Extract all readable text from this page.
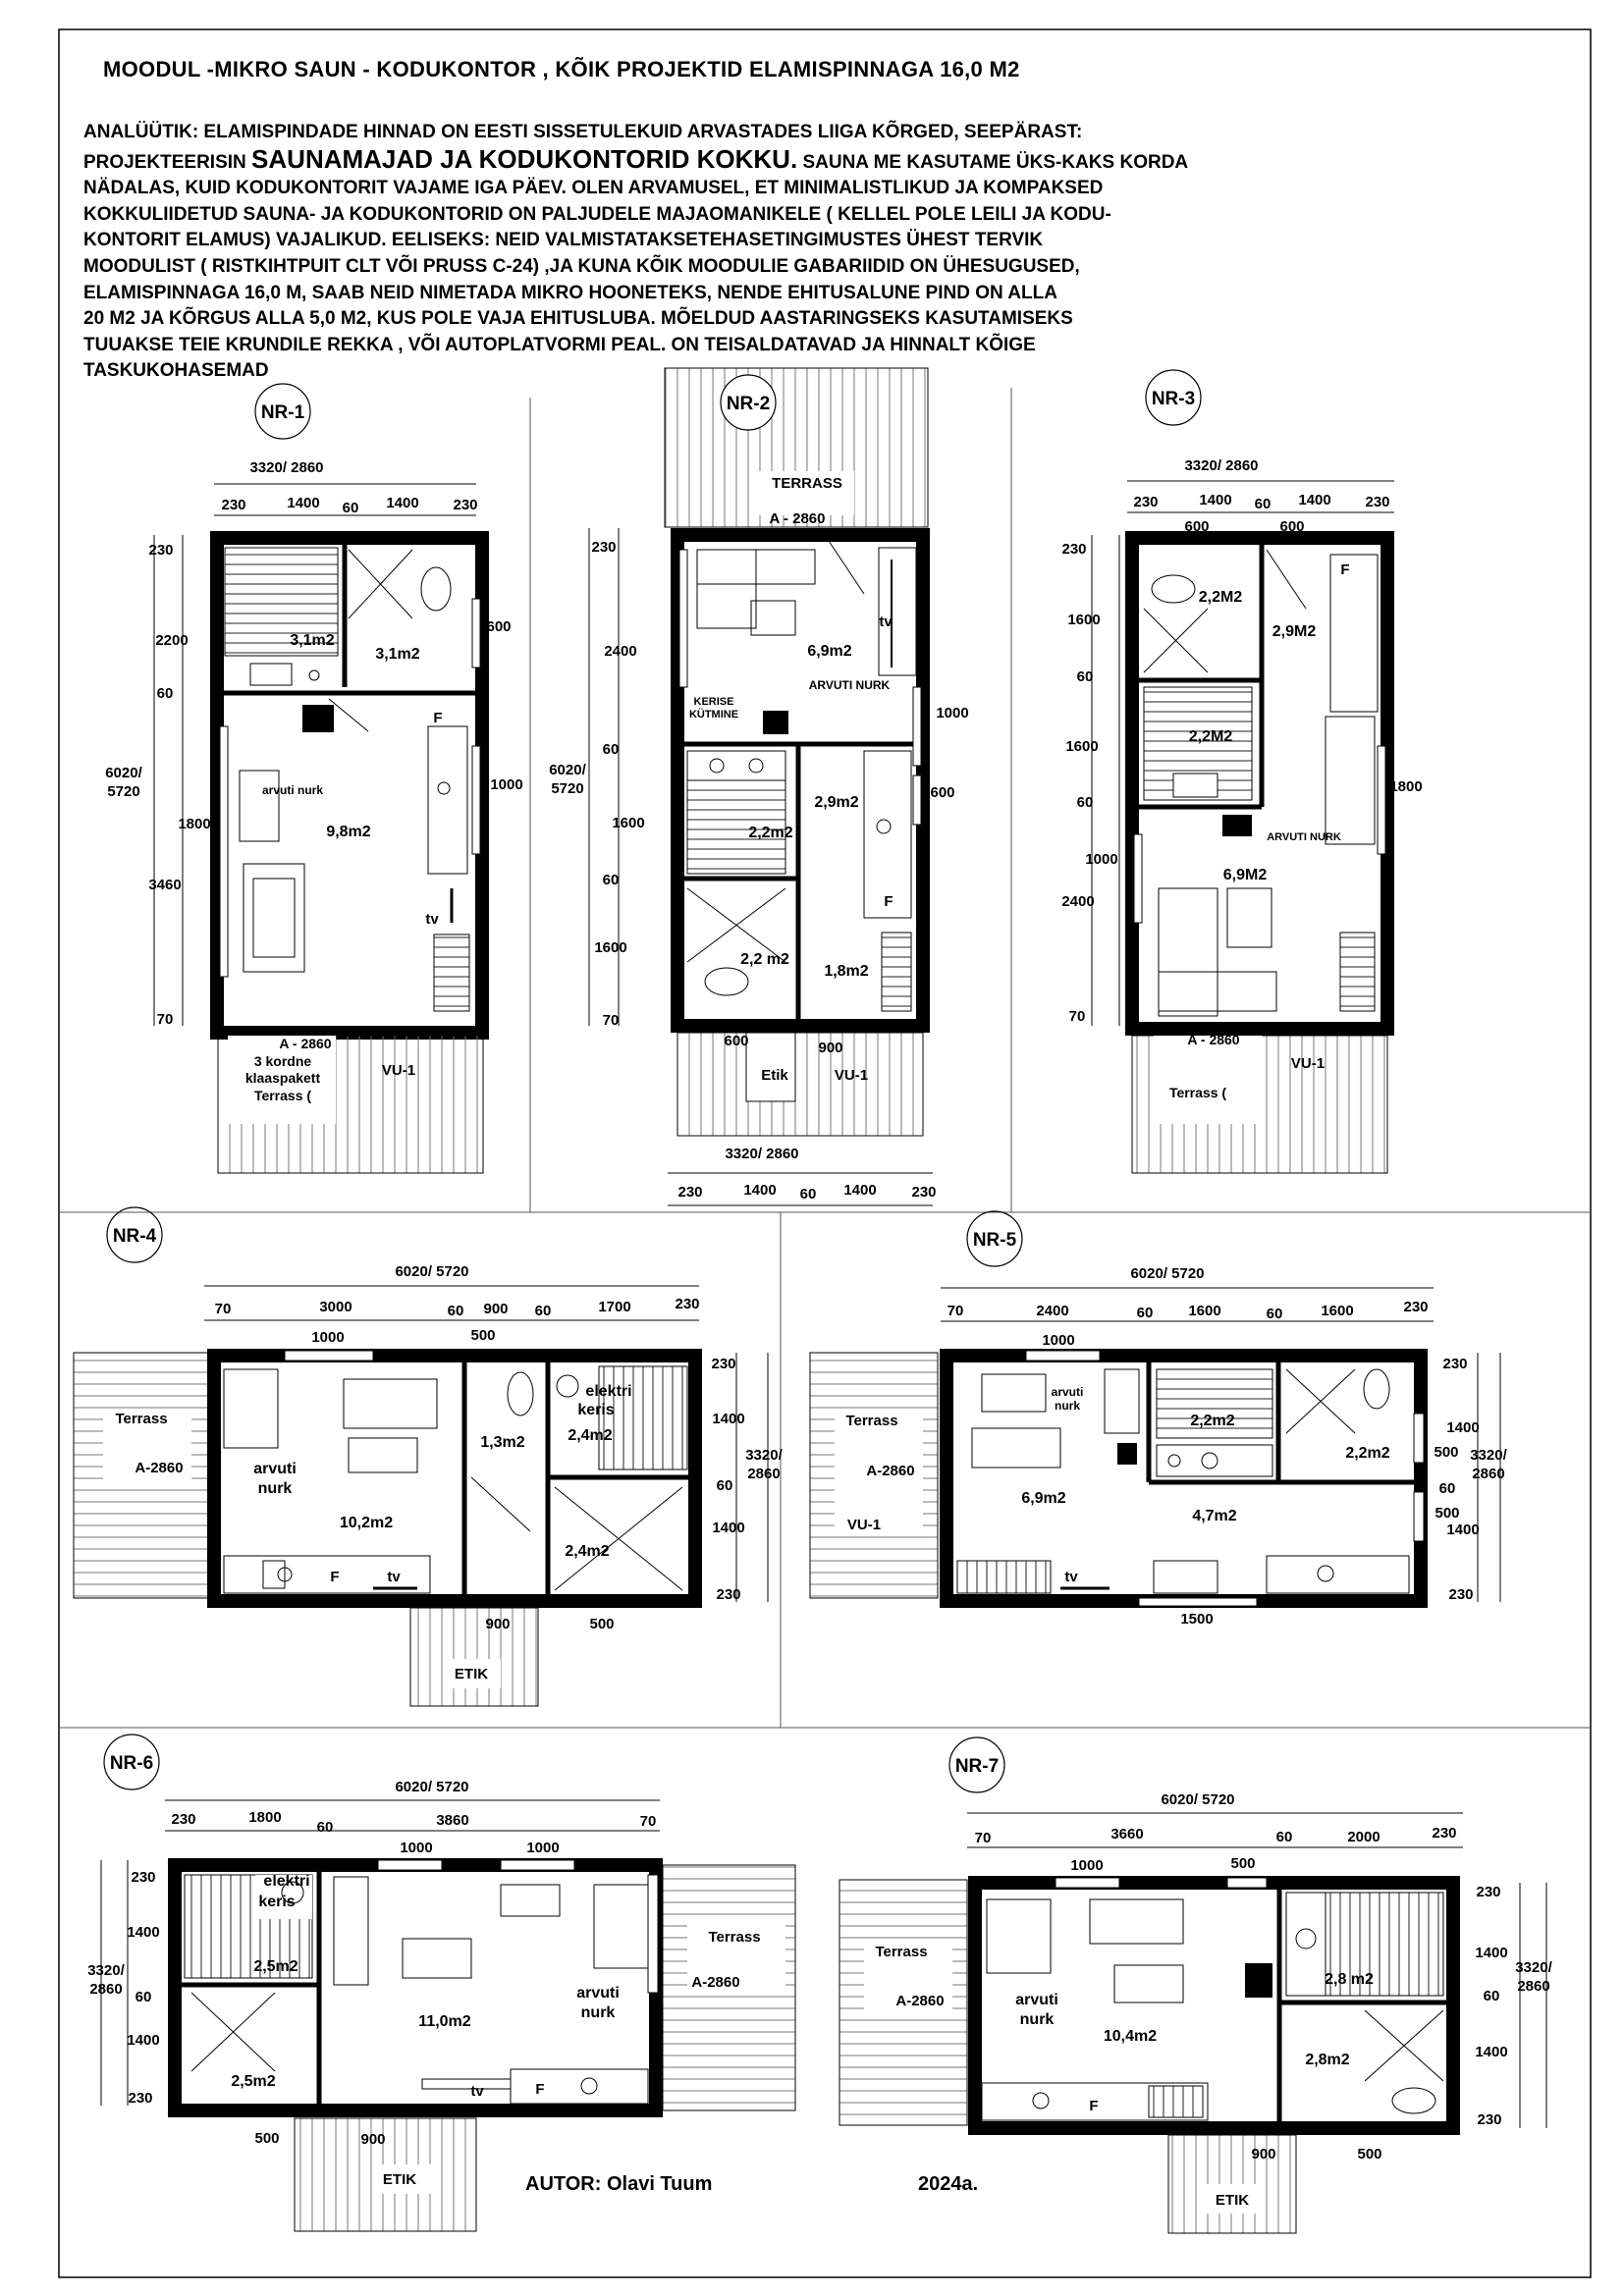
NR-1
3320/ 2860
230	1400 60 1400 230
230
2200
60
1800
3460
70
6020/
5720
3,1m2
3,1m2
9,8m2
600
1000
arvuti nurk
F
tv
A - 2860
3 kordne
klaaspakett
Terrass (
VU-1
NR-2
TERRASS
A - 2860
230
2400
60
1600
60
1600
70
6020/
5720
6,9m2
2,9m2
2,2m2
2,2 m2
1,8m2
KERISE
KÜTMINE
ARVUTI NURK
tv
F
1000
600
600	900
Etik	VU-1
3320/ 2860
230	1400 60 1400 230
NR-3
3320/ 2860
230	1400 60 1400 230
600	600
230
1600
60
1600
60
1000
2400
70
2,2M2
2,9M2
2,2M2
6,9M2
F
ARVUTI NURK
1800
A - 2860
VU-1
Terrass (
NR-4
6020/ 5720
70	3000	60 900 60	1700	230
1000	500
Terrass
A-2860
1,3m2	2,4m2
10,2m2
2,4m2
arvuti
nurk
elektri
keris
F	tv
230
1400
60
1400
230
3320/
2860
900	500
ETIK
NR-5
6020/ 5720
70	2400	60 1600	60	1600	230
1000
Terrass
A-2860
VU-1
arvuti
nurk
2,2m2
2,2m2
6,9m2
4,7m2
tv
1500
230
1400
500
60
500
1400
230
3320/
2860
NR-6
6020/ 5720
230	1800
60	3860	70
1000	1000
230
1400
60
1400
230
3320/
2860
elektri
keris
2,5m2
2,5m2
11,0m2
arvuti
nurk
tv	F
Terrass
A-2860
500	900
ETIK
NR-7
6020/ 5720
70	3660	60	2000	230
1000	500
Terrass
A-2860	arvuti
nurk
10,4m2
2,8 m2
2,8m2
F
230
1400
60
1400
230
3320/
2860
900	500
ETIK
MOODUL -MIKRO SAUN - KODUKONTOR , KÕIK PROJEKTID ELAMISPINNAGA 16,0 M2
ANALÜÜTIK: ELAMISPINDADE HINNAD ON EESTI SISSETULEKUID ARVASTADES LIIGA KÕRGED, SEEPÄRAST:
PROJEKTEERISIN SAUNAMAJAD JA KODUKONTORID KOKKU. SAUNA ME KASUTAME ÜKS-KAKS KORDA
NÄDALAS, KUID KODUKONTORIT VAJAME IGA PÄEV. OLEN ARVAMUSEL, ET MINIMALISTLIKUD JA KOMPAKSED
KOKKULIIDETUD SAUNA- JA KODUKONTORID ON PALJUDELE MAJAOMANIKELE ( KELLEL POLE LEILI JA KODU-
KONTORIT ELAMUS) VAJALIKUD. EELISEKS: NEID VALMISTATAKSETEHASETINGIMUSTES ÜHEST TERVIK
MOODULIST ( RISTKIHTPUIT CLT VÕI PRUSS C-24) ,JA KUNA KÕIK MOODULIE GABARIIDID ON ÜHESUGUSED,
ELAMISPINNAGA 16,0 M, SAAB NEID NIMETADA MIKRO HOONETEKS, NENDE EHITUSALUNE PIND ON ALLA
20 M2 JA KÕRGUS ALLA 5,0 M2, KUS POLE VAJA EHITUSLUBA. MÕELDUD AASTARINGSEKS KASUTAMISEKS
TUUAKSE TEIE KRUNDILE REKKA , VÕI AUTOPLATVORMI PEAL. ON TEISALDATAVAD JA HINNALT KÕIGE
TASKUKOHASEMAD
AUTOR: Olavi Tuum	2024a.
